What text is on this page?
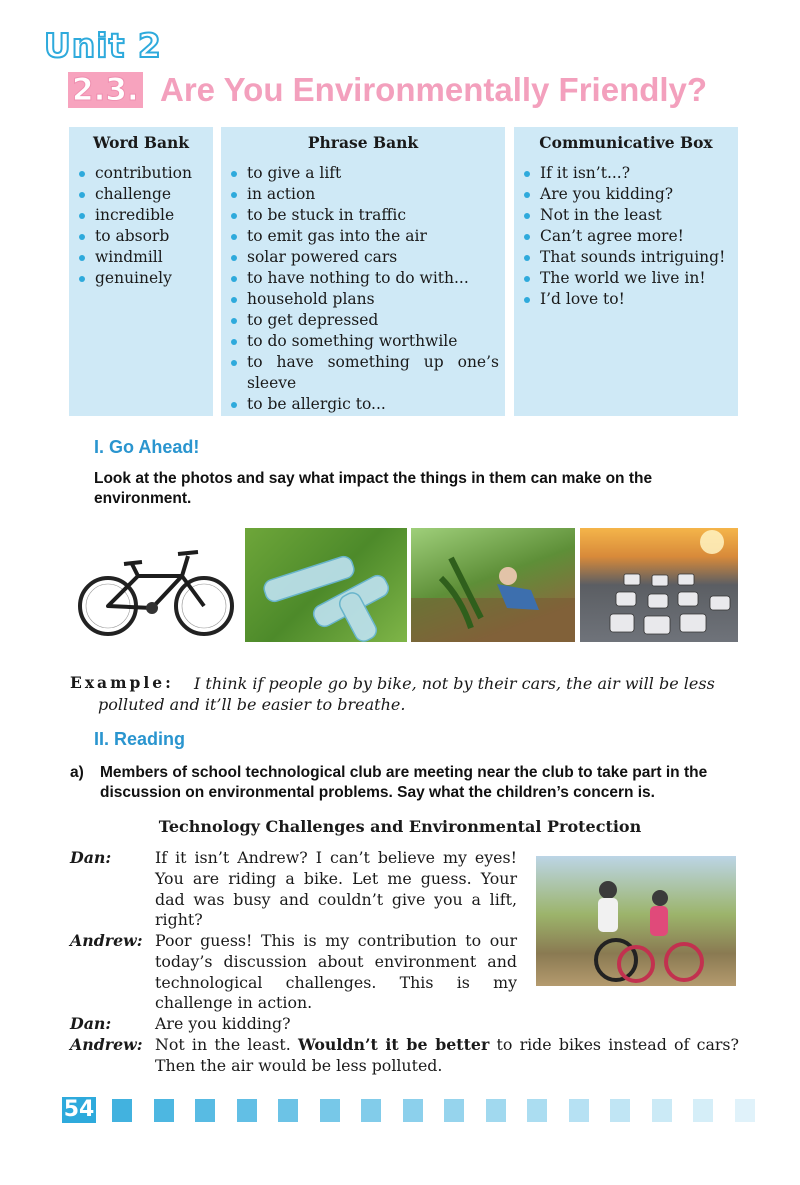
Unit 2
2.3. Are You Environmentally Friendly?
Word Bank
contribution
challenge
incredible
to absorb
windmill
genuinely
Phrase Bank
to give a lift
in action
to be stuck in traffic
to emit gas into the air
solar powered cars
to have nothing to do with...
household plans
to get depressed
to do something worthwile
to have something up one’s sleeve
to be allergic to...
Communicative Box
If it isn’t...?
Are you kidding?
Not in the least
Can’t agree more!
That sounds intriguing!
The world we live in!
I’d love to!
I. Go Ahead!
Look at the photos and say what impact the things in them can make on the environment.
Example:	I think if people go by bike, not by their cars, the air will be less polluted and it’ll be easier to breathe.
II. Reading
a) Members of school technological club are meeting near the club to take part in the discussion on environmental problems. Say what the children’s concern is.
Technology Challenges and Environmental Protection
Dan:	If it isn’t Andrew? I can’t believe my eyes! You are riding a bike. Let me guess. Your dad was busy and couldn’t give you a lift, right?
Andrew: Poor guess! This is my contribution to our today’s discussion about environment and technological challenges. This is my challenge in action.
Dan:	Are you kidding?
Andrew: Not in the least. Wouldn’t it be better to ride bikes instead of cars? Then the air would be less polluted.
54
